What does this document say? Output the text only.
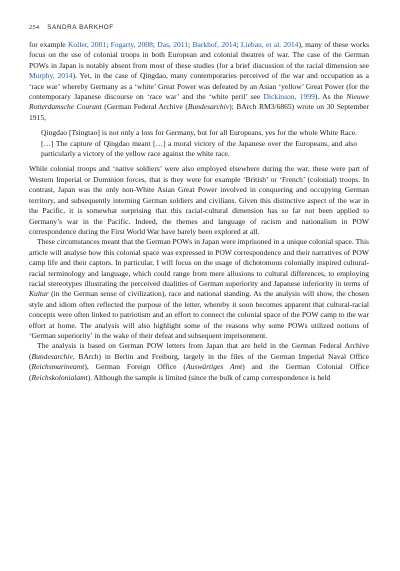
254 SANDRA BARKHOF

for example Koller, 2001; Fogarty, 2008; Das, 2011; Barkhof, 2014; Liebau, et al. 2014), many of these works focus on the use of colonial troops in both European and colonial theatres of war. The case of the German POWs in Japan is notably absent from most of these studies (for a brief discussion of the racial dimension see Murphy, 2014). Yet, in the case of Qingdao, many contemporaries perceived of the war and occupation as a ‘race war’ whereby Germany as a ‘white’ Great Power was defeated by an Asian ‘yellow’ Great Power (for the contemporary Japanese discourse on ‘race war’ and the ‘white peril’ see Dickinson, 1999). As the Nieuwe Rotterdamsche Courant (German Federal Archive (Bundesarchiv); BArch RM3/6865) wrote on 30 September 1915,

Qingdao [Tsingtao] is not only a loss for Germany, but for all Europeans, yes for the whole White Race.[…] The capture of Qingdao meant […] a moral victory of the Japanese over the Europeans, and also particularly a victory of the yellow race against the white race.

While colonial troops and ‘native soldiers’ were also employed elsewhere during the war, these were part of Western Imperial or Dominion forces, that is they were for example ‘British’ or ‘French’ (colonial) troops. In contrast, Japan was the only non-White Asian Great Power involved in conquering and occupying German territory, and subsequently interning German soldiers and civilians. Given this distinctive aspect of the war in the Pacific, it is somewhat surprising that this racial-cultural dimension has so far not been applied to Germany’s war in the Pacific. Indeed, the themes and language of racism and nationalism in POW correspondence during the First World War have barely been explored at all.

These circumstances meant that the German POWs in Japan were imprisoned in a unique colonial space. This article will analyse how this colonial space was expressed in POW correspondence and their narratives of POW camp life and their captors. In particular, I will focus on the usage of dichotomous colonially inspired cultural-racial terminology and language, which could range from mere allusions to cultural differences, to employing racial stereotypes illustrating the perceived dualities of German superiority and Japanese inferiority in terms of Kultur (in the German sense of civilization), race and national standing. As the analysis will show, the chosen style and idiom often reflected the purpose of the letter, whereby it soon becomes apparent that cultural-racial concepts were often linked to patriotism and an effort to connect the colonial space of the POW camp to the war effort at home. The analysis will also highlight some of the reasons why some POWs utilized notions of ‘German superiority’ in the wake of their defeat and subsequent imprisonment.

The analysis is based on German POW letters from Japan that are held in the German Federal Archive (Bundesarchiv, BArch) in Berlin and Freiburg, largely in the files of the German Imperial Naval Office (Reichsmarineamt), German Foreign Office (Auswärtiges Amt) and the German Colonial Office (Reichskolonialamt). Although the sample is limited (since the bulk of camp correspondence is held
